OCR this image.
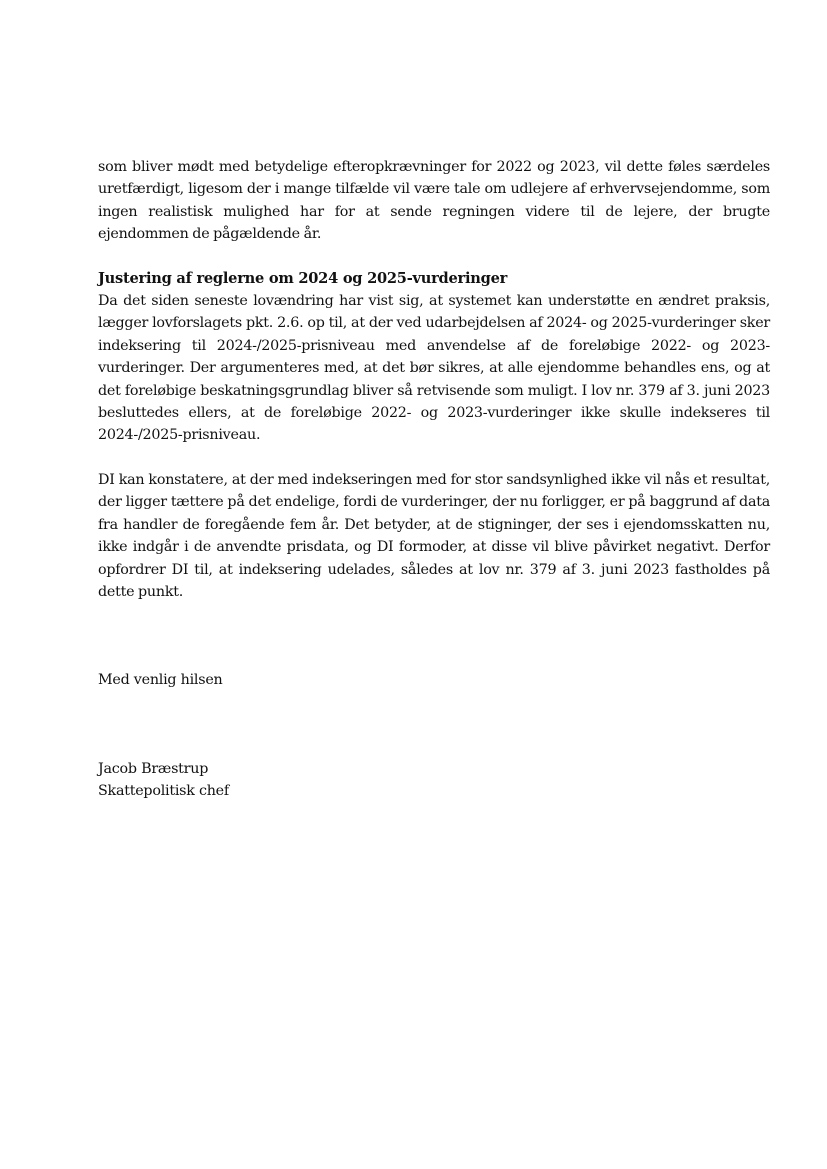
som bliver mødt med betydelige efteropkrævninger for 2022 og 2023, vil dette føles særdeles uretfærdigt, ligesom der i mange tilfælde vil være tale om udlejere af erhvervsejendomme, som ingen realistisk mulighed har for at sende regningen videre til de lejere, der brugte ejendommen de pågældende år.

Justering af reglerne om 2024 og 2025-vurderinger

Da det siden seneste lovændring har vist sig, at systemet kan understøtte en ændret praksis, lægger lovforslagets pkt. 2.6. op til, at der ved udarbejdelsen af 2024- og 2025-vurderinger sker indeksering til 2024-/2025-prisniveau med anvendelse af de foreløbige 2022- og 2023-vurderinger. Der argumenteres med, at det bør sikres, at alle ejendomme behandles ens, og at det foreløbige beskatningsgrundlag bliver så retvisende som muligt. I lov nr. 379 af 3. juni 2023 besluttedes ellers, at de foreløbige 2022- og 2023-vurderinger ikke skulle indekseres til 2024-/2025-prisniveau.

DI kan konstatere, at der med indekseringen med for stor sandsynlighed ikke vil nås et resultat, der ligger tættere på det endelige, fordi de vurderinger, der nu forligger, er på baggrund af data fra handler de foregående fem år. Det betyder, at de stigninger, der ses i ejendomsskatten nu, ikke indgår i de anvendte prisdata, og DI formoder, at disse vil blive påvirket negativt. Derfor opfordrer DI til, at indeksering udelades, således at lov nr. 379 af 3. juni 2023 fastholdes på dette punkt.

Med venlig hilsen

Jacob Bræstrup
Skattepolitisk chef
